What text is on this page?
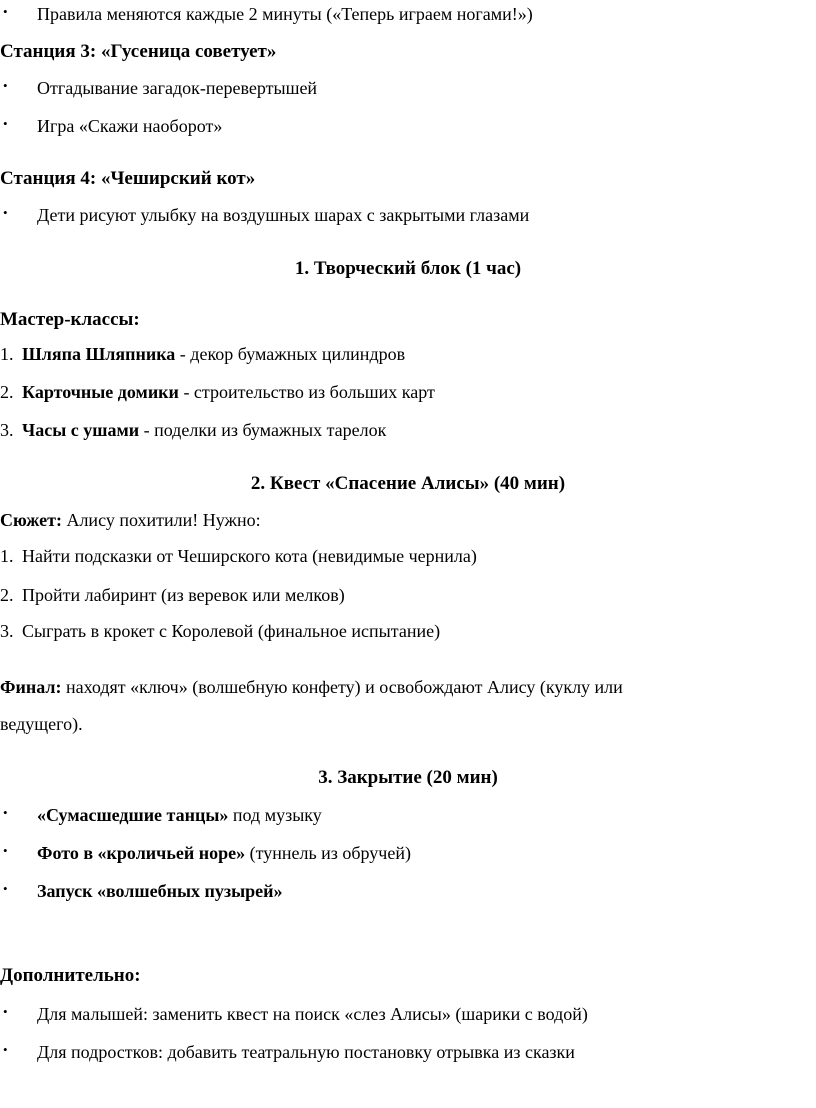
• Правила меняются каждые 2 минуты («Теперь играем ногами!»)
Станция 3: «Гусеница советует»
• Отгадывание загадок-перевертышей
• Игра «Скажи наоборот»
Станция 4: «Чеширский кот»
• Дети рисуют улыбку на воздушных шарах с закрытыми глазами
1. Творческий блок (1 час)
Мастер-классы:
1. Шляпа Шляпника - декор бумажных цилиндров
2. Карточные домики - строительство из больших карт
3. Часы с ушами - поделки из бумажных тарелок
2. Квест «Спасение Алисы» (40 мин)
Сюжет: Алису похитили! Нужно:
1. Найти подсказки от Чеширского кота (невидимые чернила)
2. Пройти лабиринт (из веревок или мелков)
3. Сыграть в крокет с Королевой (финальное испытание)
Финал: находят «ключ» (волшебную конфету) и освобождают Алису (куклу или
ведущего).
3. Закрытие (20 мин)
• «Сумасшедшие танцы» под музыку
• Фото в «кроличьей норе» (туннель из обручей)
• Запуск «волшебных пузырей»
Дополнительно:
• Для малышей: заменить квест на поиск «слез Алисы» (шарики с водой)
• Для подростков: добавить театральную постановку отрывка из сказки
